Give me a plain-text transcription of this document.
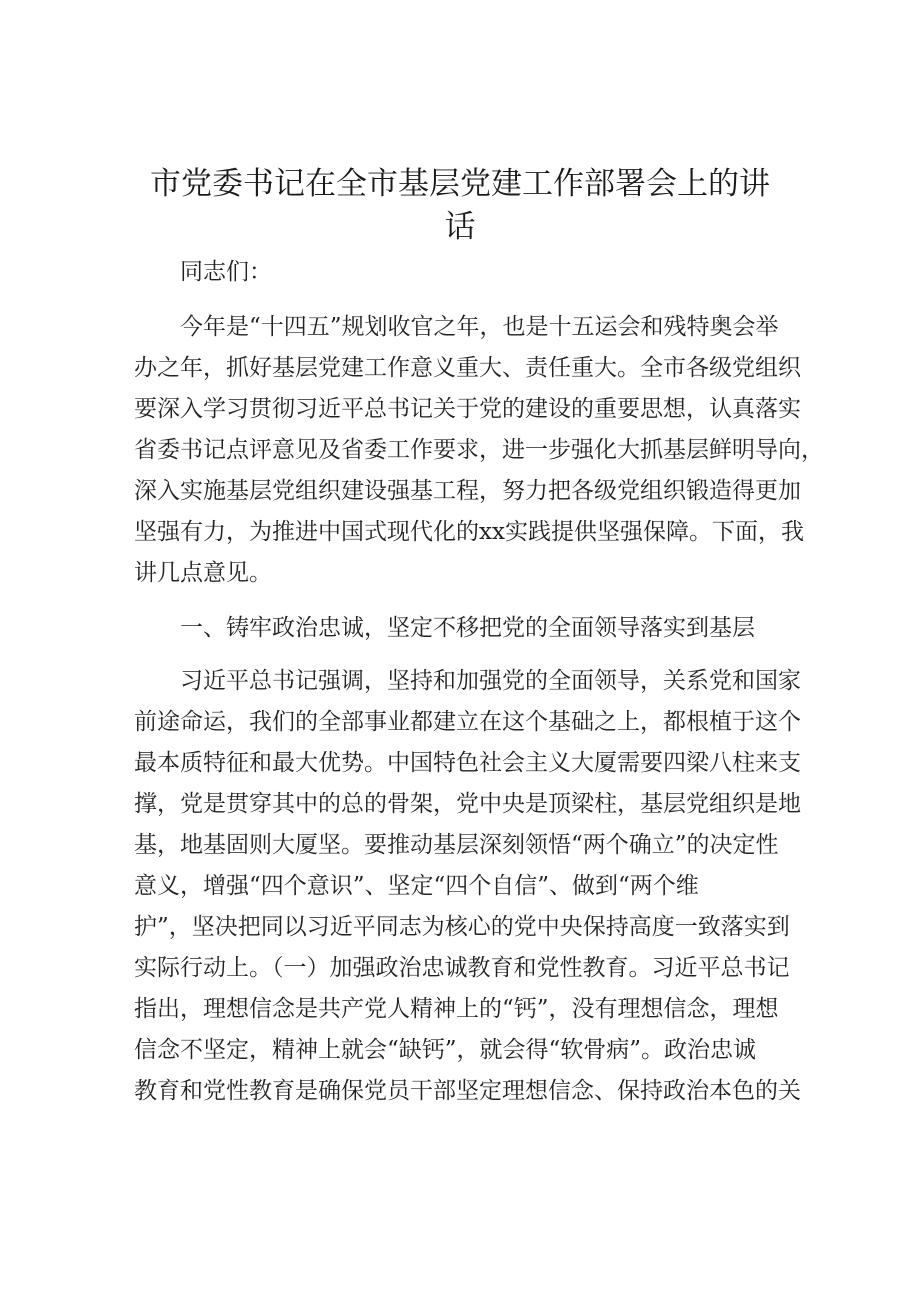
市党委书记在全市基层党建工作部署会上的讲
话

同志们：

今年是“十四五”规划收官之年，也是十五运会和残特奥会举

办之年，抓好基层党建工作意义重大、责任重大。全市各级党组织

要深入学习贯彻习近平总书记关于党的建设的重要思想，认真落实

省委书记点评意见及省委工作要求，进一步强化大抓基层鲜明导向，

深入实施基层党组织建设强基工程，努力把各级党组织锻造得更加

坚强有力，为推进中国式现代化的xx实践提供坚强保障。下面，我

讲几点意见。

一、铸牢政治忠诚，坚定不移把党的全面领导落实到基层

习近平总书记强调，坚持和加强党的全面领导，关系党和国家

前途命运，我们的全部事业都建立在这个基础之上，都根植于这个

最本质特征和最大优势。中国特色社会主义大厦需要四梁八柱来支

撑，党是贯穿其中的总的骨架，党中央是顶梁柱，基层党组织是地

基，地基固则大厦坚。要推动基层深刻领悟“两个确立”的决定性

意义，增强“四个意识”、坚定“四个自信”、做到“两个维

护”，坚决把同以习近平同志为核心的党中央保持高度一致落实到

实际行动上。（一）加强政治忠诚教育和党性教育。习近平总书记

指出，理想信念是共产党人精神上的“钙”，没有理想信念，理想

信念不坚定，精神上就会“缺钙”，就会得“软骨病”。政治忠诚

教育和党性教育是确保党员干部坚定理想信念、保持政治本色的关
